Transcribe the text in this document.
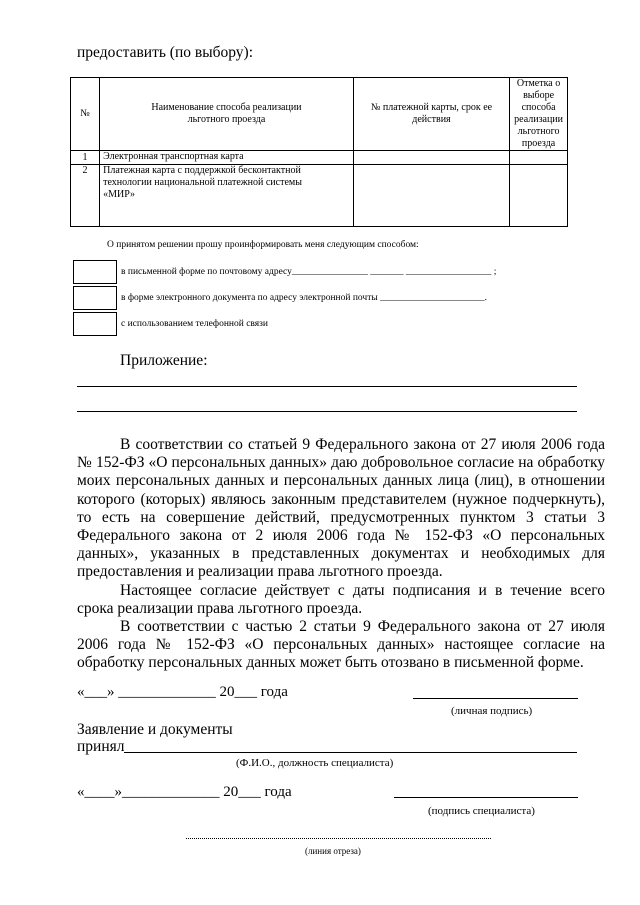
предоставить (по выбору):
№	Наименование способа реализации льготного проезда	№ платежной карты, срок ее действия	Отметка о выборе способа реализации льготного проезда
1	Электронная транспортная карта		
2	Платежная карта с поддержкой бесконтактной технологии национальной платежной системы «МИР»		
О принятом решении прошу проинформировать меня следующим способом:
в письменной форме по почтовому адресу________________ _______ __________________ ;
в форме электронного документа по адресу электронной почты ______________________.
с использованием телефонной связи
Приложение:

В соответствии со статьей 9 Федерального закона от 27 июля 2006 года № 152-ФЗ «О персональных данных» даю добровольное согласие на обработку моих персональных данных и персональных данных лица (лиц), в отношении которого (которых) являюсь законным представителем (нужное подчеркнуть), то есть на совершение действий, предусмотренных пунктом 3 статьи 3 Федерального закона от 2 июля 2006 года № 152-ФЗ «О персональных данных», указанных в представленных документах и необходимых для предоставления и реализации права льготного проезда.

Настоящее согласие действует с даты подписания и в течение всего срока реализации права льготного проезда.

В соответствии с частью 2 статьи 9 Федерального закона от 27 июля 2006 года № 152-ФЗ «О персональных данных» настоящее согласие на обработку персональных данных может быть отозвано в письменной форме.

«___» _____________ 20___ года
(личная подпись)
Заявление и документы
принял
(Ф.И.О., должность специалиста)
«____»_____________ 20___ года
(подпись специалиста)
(линия отреза)
